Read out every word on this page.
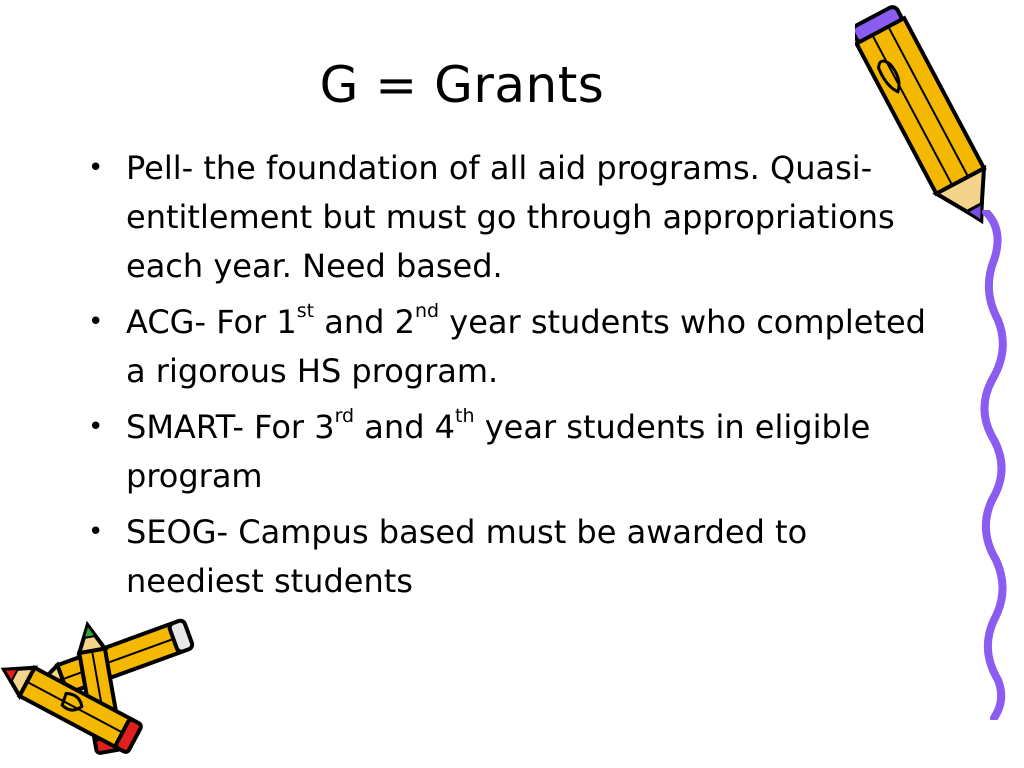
G = Grants
• Pell- the foundation of all aid programs. Quasi-entitlement but must go through appropriations each year. Need based.
• ACG- For 1st and 2nd year students who completed a rigorous HS program.
• SMART- For 3rd and 4th year students in eligible program
• SEOG- Campus based must be awarded to neediest students
